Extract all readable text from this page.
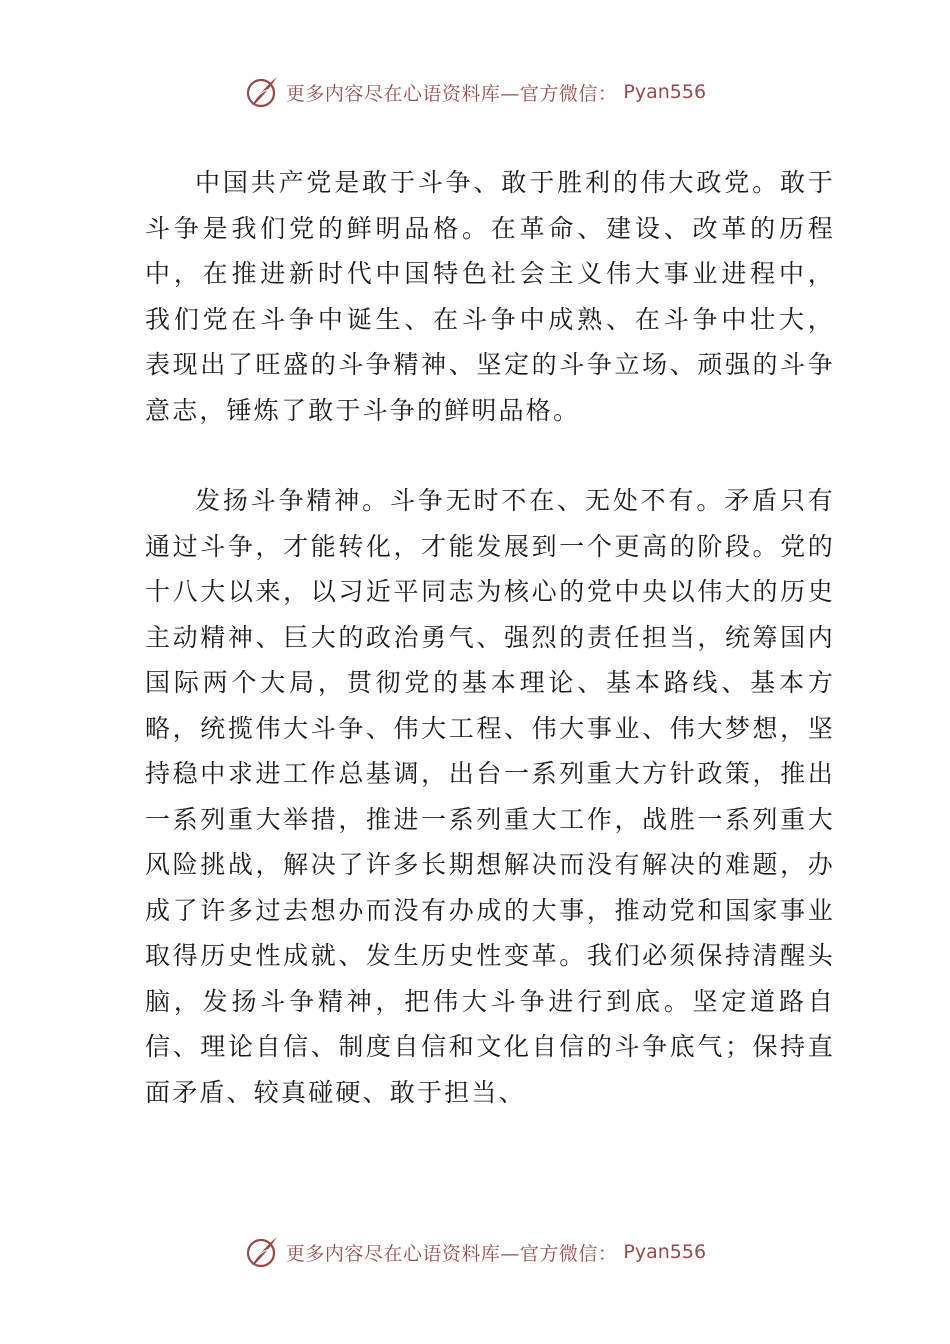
更多内容尽在心语资料库—官方微信： Pyan556

中国共产党是敢于斗争、敢于胜利的伟大政党。敢于斗争是我们党的鲜明品格。在革命、建设、改革的历程中，在推进新时代中国特色社会主义伟大事业进程中， 我们党在斗争中诞生、在斗争中成熟、在斗争中壮大， 表现出了旺盛的斗争精神、坚定的斗争立场、顽强的斗争意志，锤炼了敢于斗争的鲜明品格。

发扬斗争精神。斗争无时不在、无处不有。矛盾只有通过斗争，才能转化，才能发展到一个更高的阶段。党的十八大以来，以习近平同志为核心的党中央以伟大的历史主动精神、巨大的政治勇气、强烈的责任担当，统筹国内国际两个大局，贯彻党的基本理论、基本路线、基本方略，统揽伟大斗争、伟大工程、伟大事业、伟大梦想，坚持稳中求进工作总基调，出台一系列重大方针政策，推出一系列重大举措，推进一系列重大工作，战胜一系列重大风险挑战，解决了许多长期想解决而没有解决的难题，办成了许多过去想办而没有办成的大事，推动党和国家事业取得历史性成就、发生历史性变革。我们必须保持清醒头脑，发扬斗争精神，把伟大斗争进行到底。坚定道路自信、理论自信、制度自信和文化自信的斗争底气；保持直面矛盾、较真碰硬、敢于担当、

更多内容尽在心语资料库—官方微信： Pyan556
